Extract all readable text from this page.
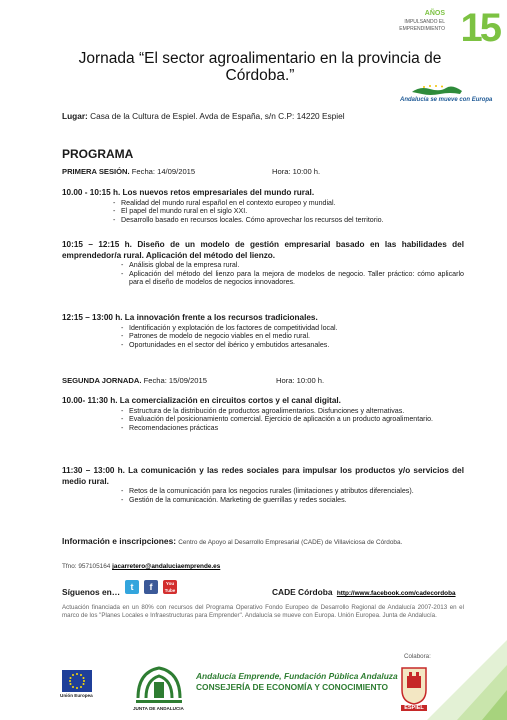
AÑOS
IMPULSANDO EL EMPRENDIMIENTO 15
Jornada “El sector agroalimentario en la provincia de Córdoba.”
Andalucía se mueve con Europa
Lugar: Casa de la Cultura de Espiel. Avda de España, s/n C.P: 14220 Espiel
PROGRAMA
PRIMERA SESIÓN. Fecha: 14/09/2015	Hora: 10:00 h.
10.00 - 10:15 h. Los nuevos retos empresariales del mundo rural.
- Realidad del mundo rural español en el contexto europeo y mundial.
- El papel del mundo rural en el siglo XXI.
- Desarrollo basado en recursos locales. Cómo aprovechar los recursos del territorio.
10:15 – 12:15 h. Diseño de un modelo de gestión empresarial basado en las habilidades del emprendedor/a rural. Aplicación del método del lienzo.
- Análisis global de la empresa rural.
- Aplicación del método del lienzo para la mejora de modelos de negocio. Taller práctico: cómo aplicarlo para el diseño de modelos de negocios innovadores.
12:15 – 13:00 h. La innovación frente a los recursos tradicionales.
- Identificación y explotación de los factores de competitividad local.
- Patrones de modelo de negocio viables en el medio rural.
- Oportunidades en el sector del ibérico y embutidos artesanales.
SEGUNDA JORNADA. Fecha: 15/09/2015	Hora: 10:00 h.
10.00- 11:30 h. La comercialización en circuitos cortos y el canal digital.
- Estructura de la distribución de productos agroalimentarios. Disfunciones y alternativas.
- Evaluación del posicionamiento comercial. Ejercicio de aplicación a un producto agroalimentario.
- Recomendaciones prácticas
11:30 – 13:00 h. La comunicación y las redes sociales para impulsar los productos y/o servicios del medio rural.
- Retos de la comunicación para los negocios rurales (limitaciones y atributos diferenciales).
- Gestión de la comunicación. Marketing de guerrillas y redes sociales.
Información e inscripciones: Centro de Apoyo al Desarrollo Empresarial (CADE) de Villaviciosa de Córdoba.
Tfno: 957105164 jacarretero@andaluciaemprende.es
Síguenos en…	t	f	You Tube	CADE Córdoba http://www.facebook.com/cadecordoba
Actuación financiada en un 80% con recursos del Programa Operativo Fondo Europeo de Desarrollo Regional de Andalucía 2007-2013 en el marco de los "Planes Locales e Infraestructuras para Emprender". Andalucía se mueve con Europa. Unión Europea. Junta de Andalucía.
Colabora:
Unión Europea
JUNTA DE ANDALUCIA
Andalucía Emprende, Fundación Pública Andaluza
CONSEJERÍA DE ECONOMÍA Y CONOCIMIENTO
ESPIEL
